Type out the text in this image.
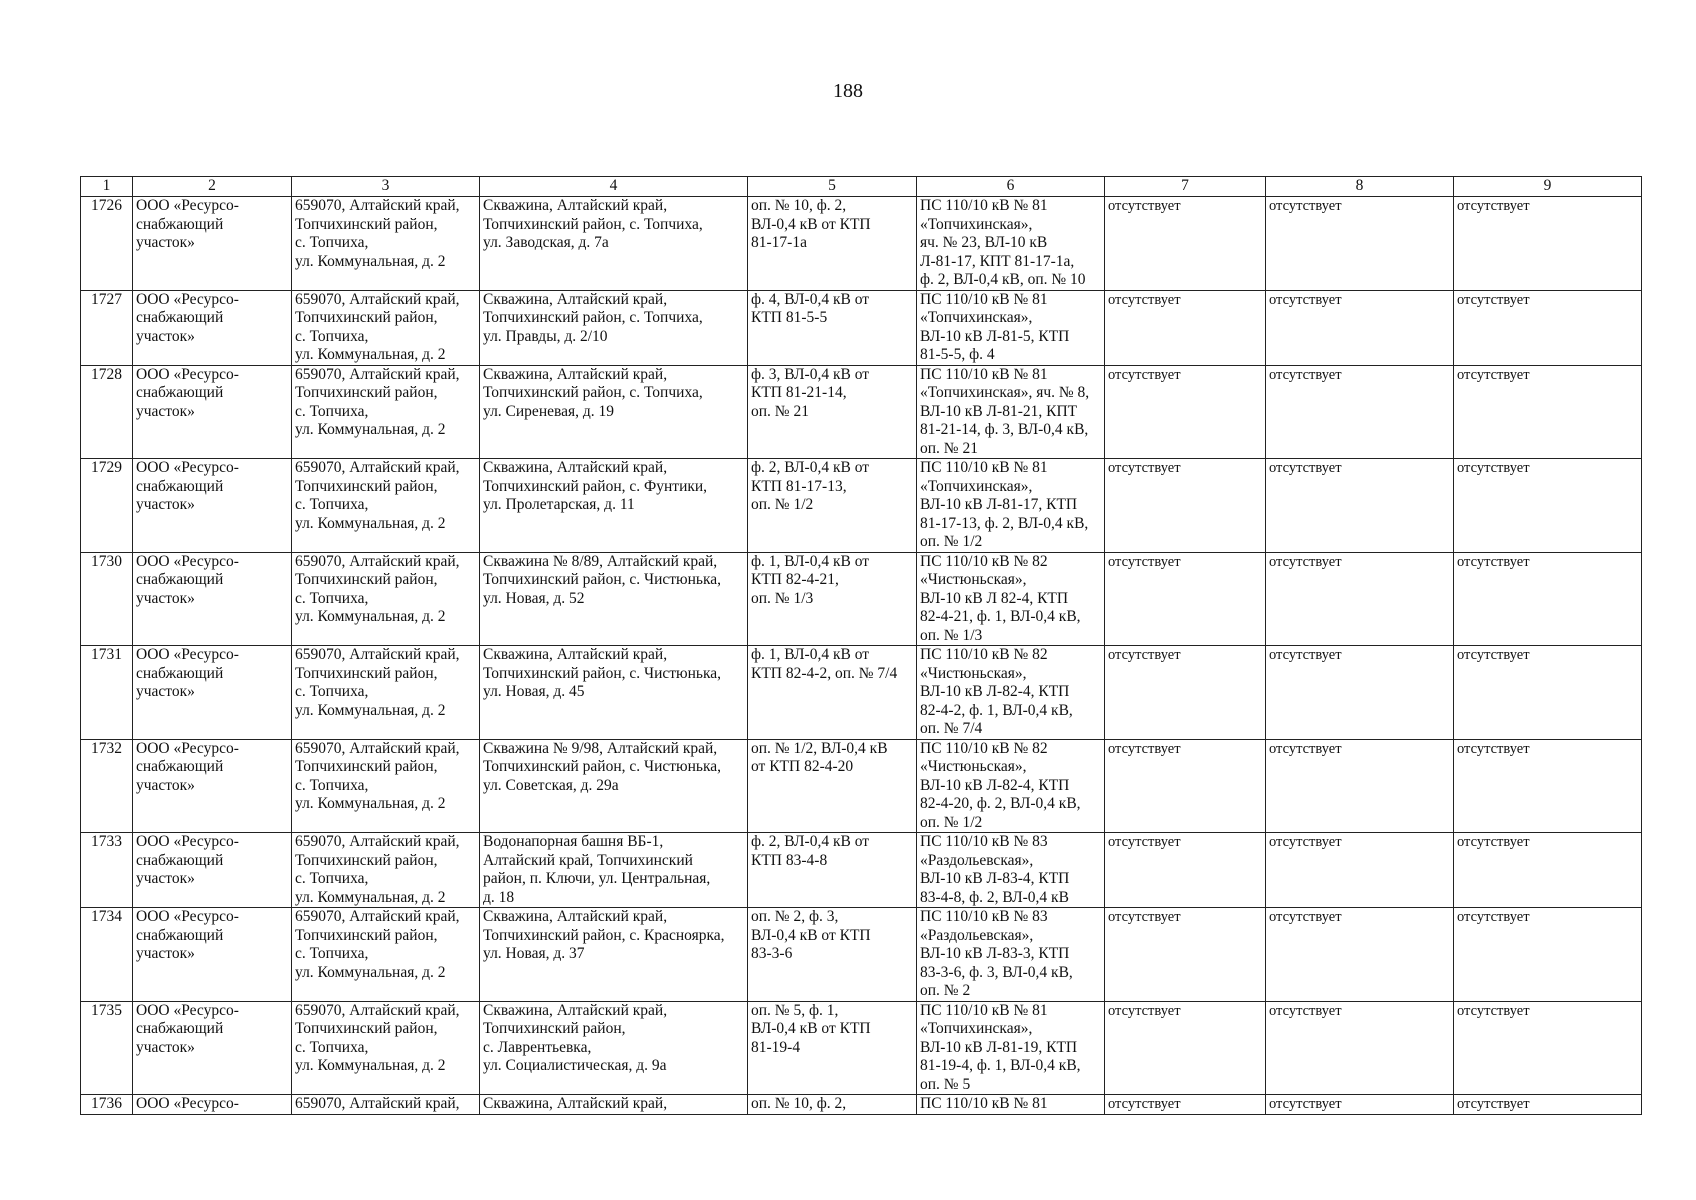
188
1	2	3	4	5	6	7	8	9
1726	ООО «Ресурсо-
снабжающий
участок»	659070, Алтайский край,
Топчихинский район,
с. Топчиха,
ул. Коммунальная, д. 2	Скважина, Алтайский край,
Топчихинский район, с. Топчиха,
ул. Заводская, д. 7а	оп. № 10, ф. 2,
ВЛ-0,4 кВ от КТП
81-17-1а	ПС 110/10 кВ № 81
«Топчихинская»,
яч. № 23, ВЛ-10 кВ
Л-81-17, КПТ 81-17-1а,
ф. 2, ВЛ-0,4 кВ, оп. № 10	отсутствует	отсутствует	отсутствует
1727	ООО «Ресурсо-
снабжающий
участок»	659070, Алтайский край,
Топчихинский район,
с. Топчиха,
ул. Коммунальная, д. 2	Скважина, Алтайский край,
Топчихинский район, с. Топчиха,
ул. Правды, д. 2/10	ф. 4, ВЛ-0,4 кВ от
КТП 81-5-5	ПС 110/10 кВ № 81
«Топчихинская»,
ВЛ-10 кВ Л-81-5, КТП
81-5-5, ф. 4	отсутствует	отсутствует	отсутствует
1728	ООО «Ресурсо-
снабжающий
участок»	659070, Алтайский край,
Топчихинский район,
с. Топчиха,
ул. Коммунальная, д. 2	Скважина, Алтайский край,
Топчихинский район, с. Топчиха,
ул. Сиреневая, д. 19	ф. 3, ВЛ-0,4 кВ от
КТП 81-21-14,
оп. № 21	ПС 110/10 кВ № 81
«Топчихинская», яч. № 8,
ВЛ-10 кВ Л-81-21, КПТ
81-21-14, ф. 3, ВЛ-0,4 кВ,
оп. № 21	отсутствует	отсутствует	отсутствует
1729	ООО «Ресурсо-
снабжающий
участок»	659070, Алтайский край,
Топчихинский район,
с. Топчиха,
ул. Коммунальная, д. 2	Скважина, Алтайский край,
Топчихинский район, с. Фунтики,
ул. Пролетарская, д. 11	ф. 2, ВЛ-0,4 кВ от
КТП 81-17-13,
оп. № 1/2	ПС 110/10 кВ № 81
«Топчихинская»,
ВЛ-10 кВ Л-81-17, КТП
81-17-13, ф. 2, ВЛ-0,4 кВ,
оп. № 1/2	отсутствует	отсутствует	отсутствует
1730	ООО «Ресурсо-
снабжающий
участок»	659070, Алтайский край,
Топчихинский район,
с. Топчиха,
ул. Коммунальная, д. 2	Скважина № 8/89, Алтайский край,
Топчихинский район, с. Чистюнька,
ул. Новая, д. 52	ф. 1, ВЛ-0,4 кВ от
КТП 82-4-21,
оп. № 1/3	ПС 110/10 кВ № 82
«Чистюньская»,
ВЛ-10 кВ Л 82-4, КТП
82-4-21, ф. 1, ВЛ-0,4 кВ,
оп. № 1/3	отсутствует	отсутствует	отсутствует
1731	ООО «Ресурсо-
снабжающий
участок»	659070, Алтайский край,
Топчихинский район,
с. Топчиха,
ул. Коммунальная, д. 2	Скважина, Алтайский край,
Топчихинский район, с. Чистюнька,
ул. Новая, д. 45	ф. 1, ВЛ-0,4 кВ от
КТП 82-4-2, оп. № 7/4	ПС 110/10 кВ № 82
«Чистюньская»,
ВЛ-10 кВ Л-82-4, КТП
82-4-2, ф. 1, ВЛ-0,4 кВ,
оп. № 7/4	отсутствует	отсутствует	отсутствует
1732	ООО «Ресурсо-
снабжающий
участок»	659070, Алтайский край,
Топчихинский район,
с. Топчиха,
ул. Коммунальная, д. 2	Скважина № 9/98, Алтайский край,
Топчихинский район, с. Чистюнька,
ул. Советская, д. 29а	оп. № 1/2, ВЛ-0,4 кВ
от КТП 82-4-20	ПС 110/10 кВ № 82
«Чистюньская»,
ВЛ-10 кВ Л-82-4, КТП
82-4-20, ф. 2, ВЛ-0,4 кВ,
оп. № 1/2	отсутствует	отсутствует	отсутствует
1733	ООО «Ресурсо-
снабжающий
участок»	659070, Алтайский край,
Топчихинский район,
с. Топчиха,
ул. Коммунальная, д. 2	Водонапорная башня ВБ-1,
Алтайский край, Топчихинский
район, п. Ключи, ул. Центральная,
д. 18	ф. 2, ВЛ-0,4 кВ от
КТП 83-4-8	ПС 110/10 кВ № 83
«Раздольевская»,
ВЛ-10 кВ Л-83-4, КТП
83-4-8, ф. 2, ВЛ-0,4 кВ	отсутствует	отсутствует	отсутствует
1734	ООО «Ресурсо-
снабжающий
участок»	659070, Алтайский край,
Топчихинский район,
с. Топчиха,
ул. Коммунальная, д. 2	Скважина, Алтайский край,
Топчихинский район, с. Красноярка,
ул. Новая, д. 37	оп. № 2, ф. 3,
ВЛ-0,4 кВ от КТП
83-3-6	ПС 110/10 кВ № 83
«Раздольевская»,
ВЛ-10 кВ Л-83-3, КТП
83-3-6, ф. 3, ВЛ-0,4 кВ,
оп. № 2	отсутствует	отсутствует	отсутствует
1735	ООО «Ресурсо-
снабжающий
участок»	659070, Алтайский край,
Топчихинский район,
с. Топчиха,
ул. Коммунальная, д. 2	Скважина, Алтайский край,
Топчихинский район,
с. Лаврентьевка,
ул. Социалистическая, д. 9а	оп. № 5, ф. 1,
ВЛ-0,4 кВ от КТП
81-19-4	ПС 110/10 кВ № 81
«Топчихинская»,
ВЛ-10 кВ Л-81-19, КТП
81-19-4, ф. 1, ВЛ-0,4 кВ,
оп. № 5	отсутствует	отсутствует	отсутствует
1736	ООО «Ресурсо-	659070, Алтайский край,	Скважина, Алтайский край,	оп. № 10, ф. 2,	ПС 110/10 кВ № 81	отсутствует	отсутствует	отсутствует
